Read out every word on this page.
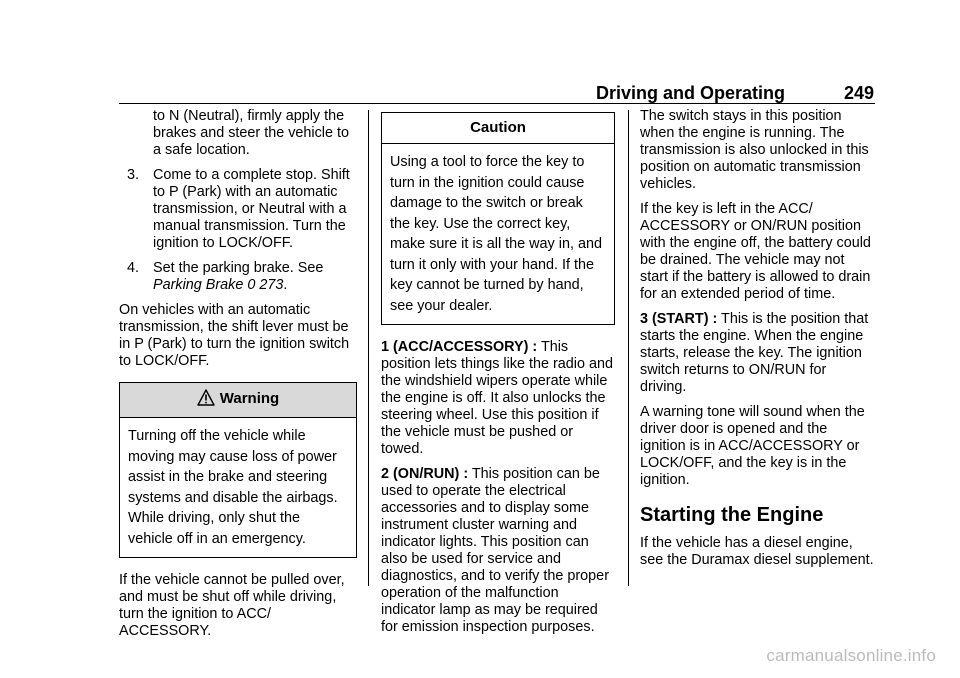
Driving and Operating	249

to N (Neutral), firmly apply the brakes and steer the vehicle to a safe location.

3. Come to a complete stop. Shift to P (Park) with an automatic transmission, or Neutral with a manual transmission. Turn the ignition to LOCK/OFF.
4. Set the parking brake. See
Parking Brake 0 273.

On vehicles with an automatic transmission, the shift lever must be in P (Park) to turn the ignition switch to LOCK/OFF.

Warning
Turning off the vehicle while moving may cause loss of power assist in the brake and steering systems and disable the airbags. While driving, only shut the vehicle off in an emergency.

If the vehicle cannot be pulled over, and must be shut off while driving, turn the ignition to ACC/ ACCESSORY.

Caution
Using a tool to force the key to turn in the ignition could cause damage to the switch or break the key. Use the correct key, make sure it is all the way in, and turn it only with your hand. If the key cannot be turned by hand, see your dealer.

1 (ACC/ACCESSORY) : This position lets things like the radio and the windshield wipers operate while the engine is off. It also unlocks the steering wheel. Use this position if the vehicle must be pushed or towed.

2 (ON/RUN) : This position can be used to operate the electrical accessories and to display some instrument cluster warning and indicator lights. This position can also be used for service and diagnostics, and to verify the proper operation of the malfunction indicator lamp as may be required for emission inspection purposes.

The switch stays in this position when the engine is running. The transmission is also unlocked in this position on automatic transmission vehicles.

If the key is left in the ACC/ ACCESSORY or ON/RUN position with the engine off, the battery could be drained. The vehicle may not start if the battery is allowed to drain for an extended period of time.

3 (START) : This is the position that starts the engine. When the engine starts, release the key. The ignition switch returns to ON/RUN for driving.

A warning tone will sound when the driver door is opened and the ignition is in ACC/ACCESSORY or LOCK/OFF, and the key is in the ignition.

Starting the Engine

If the vehicle has a diesel engine, see the Duramax diesel supplement.

carmanualsonline.info
